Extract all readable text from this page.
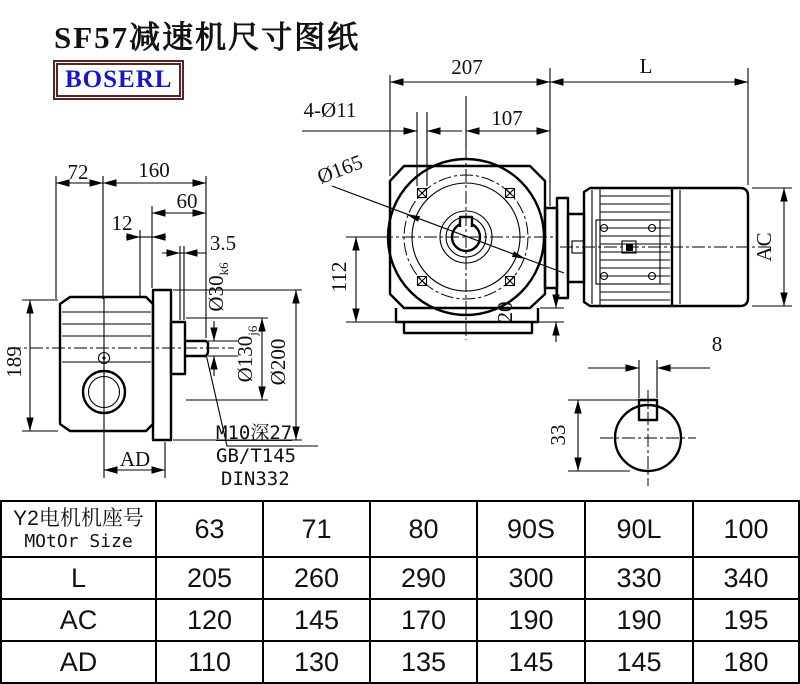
SF57减速机尺寸图纸
BOSERL
72 160
60
12
3.5
189
AD
$Ø30_{k6}$
$Ø130_{j6}$
Ø200
M10深27
GB/T145
DIN332
207	L
4-Ø11	107
Ø165
112
20
AC
8
33
Y2电机机座号
MOtOr Size	63	71	80	90S	90L	100
L	205	260	290	300	330	340
AC	120	145	170	190	190	195
AD	110	130	135	145	145	180
